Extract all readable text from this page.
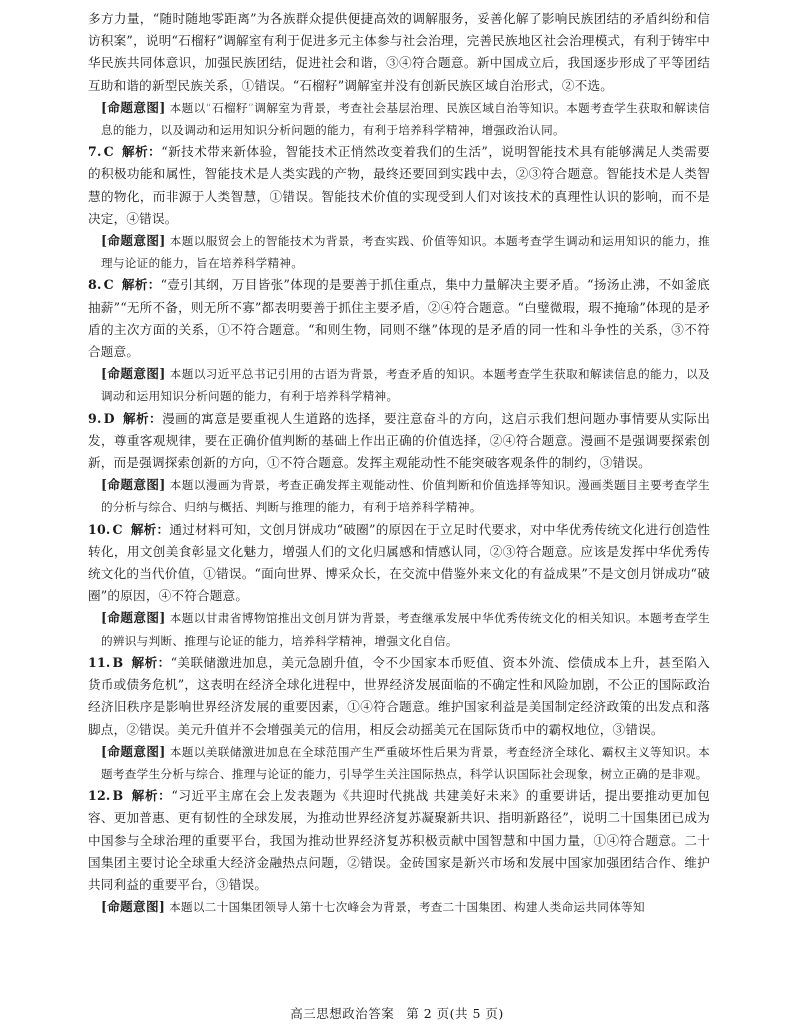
多方力量，“随时随地零距离”为各族群众提供便捷高效的调解服务，妥善化解了影响民族团结的矛盾纠纷和信访积案”，说明“石榴籽”调解室有利于促进多元主体参与社会治理，完善民族地区社会治理模式，有利于铸牢中华民族共同体意识，加强民族团结，促进社会和谐，③④符合题意。新中国成立后，我国逐步形成了平等团结互助和谐的新型民族关系，①错误。“石榴籽”调解室并没有创新民族区域自治形式，②不选。

[命题意图] 本题以“石榴籽”调解室为背景，考查社会基层治理、民族区域自治等知识。本题考查学生获取和解读信息的能力，以及调动和运用知识分析问题的能力，有利于培养科学精神，增强政治认同。

7. C 解析：“新技术带来新体验，智能技术正悄然改变着我们的生活”，说明智能技术具有能够满足人类需要的积极功能和属性，智能技术是人类实践的产物，最终还要回到实践中去，②③符合题意。智能技术是人类智慧的物化，而非源于人类智慧，①错误。智能技术价值的实现受到人们对该技术的真理性认识的影响，而不是决定，④错误。

[命题意图] 本题以服贸会上的智能技术为背景，考查实践、价值等知识。本题考查学生调动和运用知识的能力，推理与论证的能力，旨在培养科学精神。

8. C 解析：“壹引其纲，万目皆张”体现的是要善于抓住重点，集中力量解决主要矛盾。“扬汤止沸，不如釜底抽薪”“无所不备，则无所不寡”都表明要善于抓住主要矛盾，②④符合题意。“白璧微瑕，瑕不掩瑜”体现的是矛盾的主次方面的关系，①不符合题意。“和则生物，同则不继”体现的是矛盾的同一性和斗争性的关系，③不符合题意。

[命题意图] 本题以习近平总书记引用的古语为背景，考查矛盾的知识。本题考查学生获取和解读信息的能力，以及调动和运用知识分析问题的能力，有利于培养科学精神。

9. D 解析：漫画的寓意是要重视人生道路的选择，要注意奋斗的方向，这启示我们想问题办事情要从实际出发，尊重客观规律，要在正确价值判断的基础上作出正确的价值选择，②④符合题意。漫画不是强调要探索创新，而是强调探索创新的方向，①不符合题意。发挥主观能动性不能突破客观条件的制约，③错误。

[命题意图] 本题以漫画为背景，考查正确发挥主观能动性、价值判断和价值选择等知识。漫画类题目主要考查学生的分析与综合、归纳与概括、判断与推理的能力，有利于培养科学精神。

10. C 解析：通过材料可知，文创月饼成功“破圈”的原因在于立足时代要求，对中华优秀传统文化进行创造性转化，用文创美食彰显文化魅力，增强人们的文化归属感和情感认同，②③符合题意。应该是发挥中华优秀传统文化的当代价值，①错误。“面向世界、博采众长，在交流中借鉴外来文化的有益成果”不是文创月饼成功“破圈”的原因，④不符合题意。

[命题意图] 本题以甘肃省博物馆推出文创月饼为背景，考查继承发展中华优秀传统文化的相关知识。本题考查学生的辨识与判断、推理与论证的能力，培养科学精神，增强文化自信。

11. B 解析：“美联储激进加息，美元急剧升值，令不少国家本币贬值、资本外流、偿债成本上升，甚至陷入货币或债务危机”，这表明在经济全球化进程中，世界经济发展面临的不确定性和风险加剧，不公正的国际政治经济旧秩序是影响世界经济发展的重要因素，①④符合题意。维护国家利益是美国制定经济政策的出发点和落脚点，②错误。美元升值并不会增强美元的信用，相反会动摇美元在国际货币中的霸权地位，③错误。

[命题意图] 本题以美联储激进加息在全球范围产生严重破坏性后果为背景，考查经济全球化、霸权主义等知识。本题考查学生分析与综合、推理与论证的能力，引导学生关注国际热点，科学认识国际社会现象，树立正确的是非观。

12. B 解析：“习近平主席在会上发表题为《共迎时代挑战 共建美好未来》的重要讲话，提出要推动更加包容、更加普惠、更有韧性的全球发展，为推动世界经济复苏凝聚新共识、指明新路径”，说明二十国集团已成为中国参与全球治理的重要平台，我国为推动世界经济复苏积极贡献中国智慧和中国力量，①④符合题意。二十国集团主要讨论全球重大经济金融热点问题，②错误。金砖国家是新兴市场和发展中国家加强团结合作、维护共同利益的重要平台，③错误。

[命题意图] 本题以二十国集团领导人第十七次峰会为背景，考查二十国集团、构建人类命运共同体等知

高三思想政治答案 第 2 页(共 5 页)
